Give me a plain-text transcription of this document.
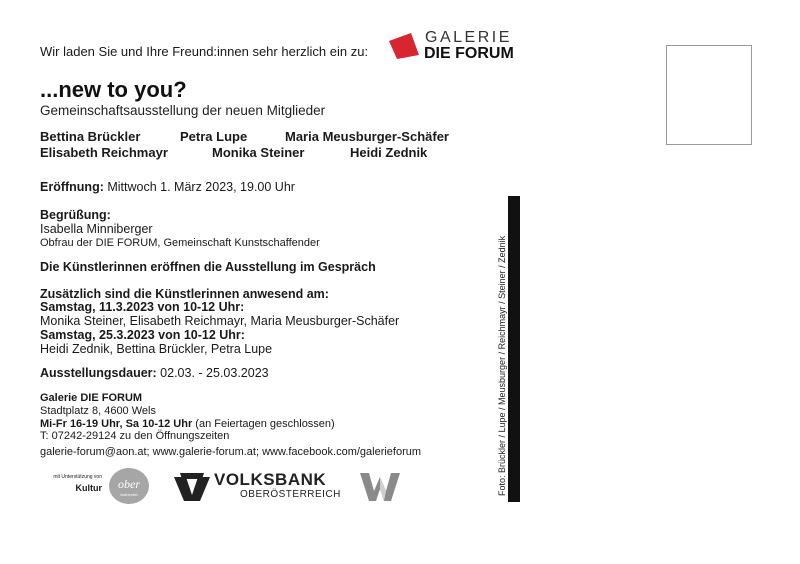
Wir laden Sie und Ihre Freund:innen sehr herzlich ein zu:
GALERIE
DIE FORUM
...new to you?
Gemeinschaftsausstellung der neuen Mitglieder
Bettina Brückler	Petra Lupe	Maria Meusburger-Schäfer
Elisabeth Reichmayr	Monika Steiner	Heidi Zednik
Eröffnung: Mittwoch 1. März 2023, 19.00 Uhr
Begrüßung:
Isabella Minniberger
Obfrau der DIE FORUM, Gemeinschaft Kunstschaffender
Die Künstlerinnen eröffnen die Ausstellung im Gespräch
Zusätzlich sind die Künstlerinnen anwesend am:
Samstag, 11.3.2023 von 10-12 Uhr:
Monika Steiner, Elisabeth Reichmayr, Maria Meusburger-Schäfer
Samstag, 25.3.2023 von 10-12 Uhr:
Heidi Zednik, Bettina Brückler, Petra Lupe
Ausstellungsdauer: 02.03. - 25.03.2023
Galerie DIE FORUM
Stadtplatz 8, 4600 Wels
Mi-Fr 16-19 Uhr, Sa 10-12 Uhr (an Feiertagen geschlossen)
T: 07242-29124 zu den Öffnungszeiten
galerie-forum@aon.at; www.galerie-forum.at; www.facebook.com/galerieforum	Foto: Brückler / Lupe / Meusburger / Reichmayr / Steiner / Zednik
mit Unterstützung von
Kultur	ober
österreich
VOLKSBANK
OBERÖSTERREICH
